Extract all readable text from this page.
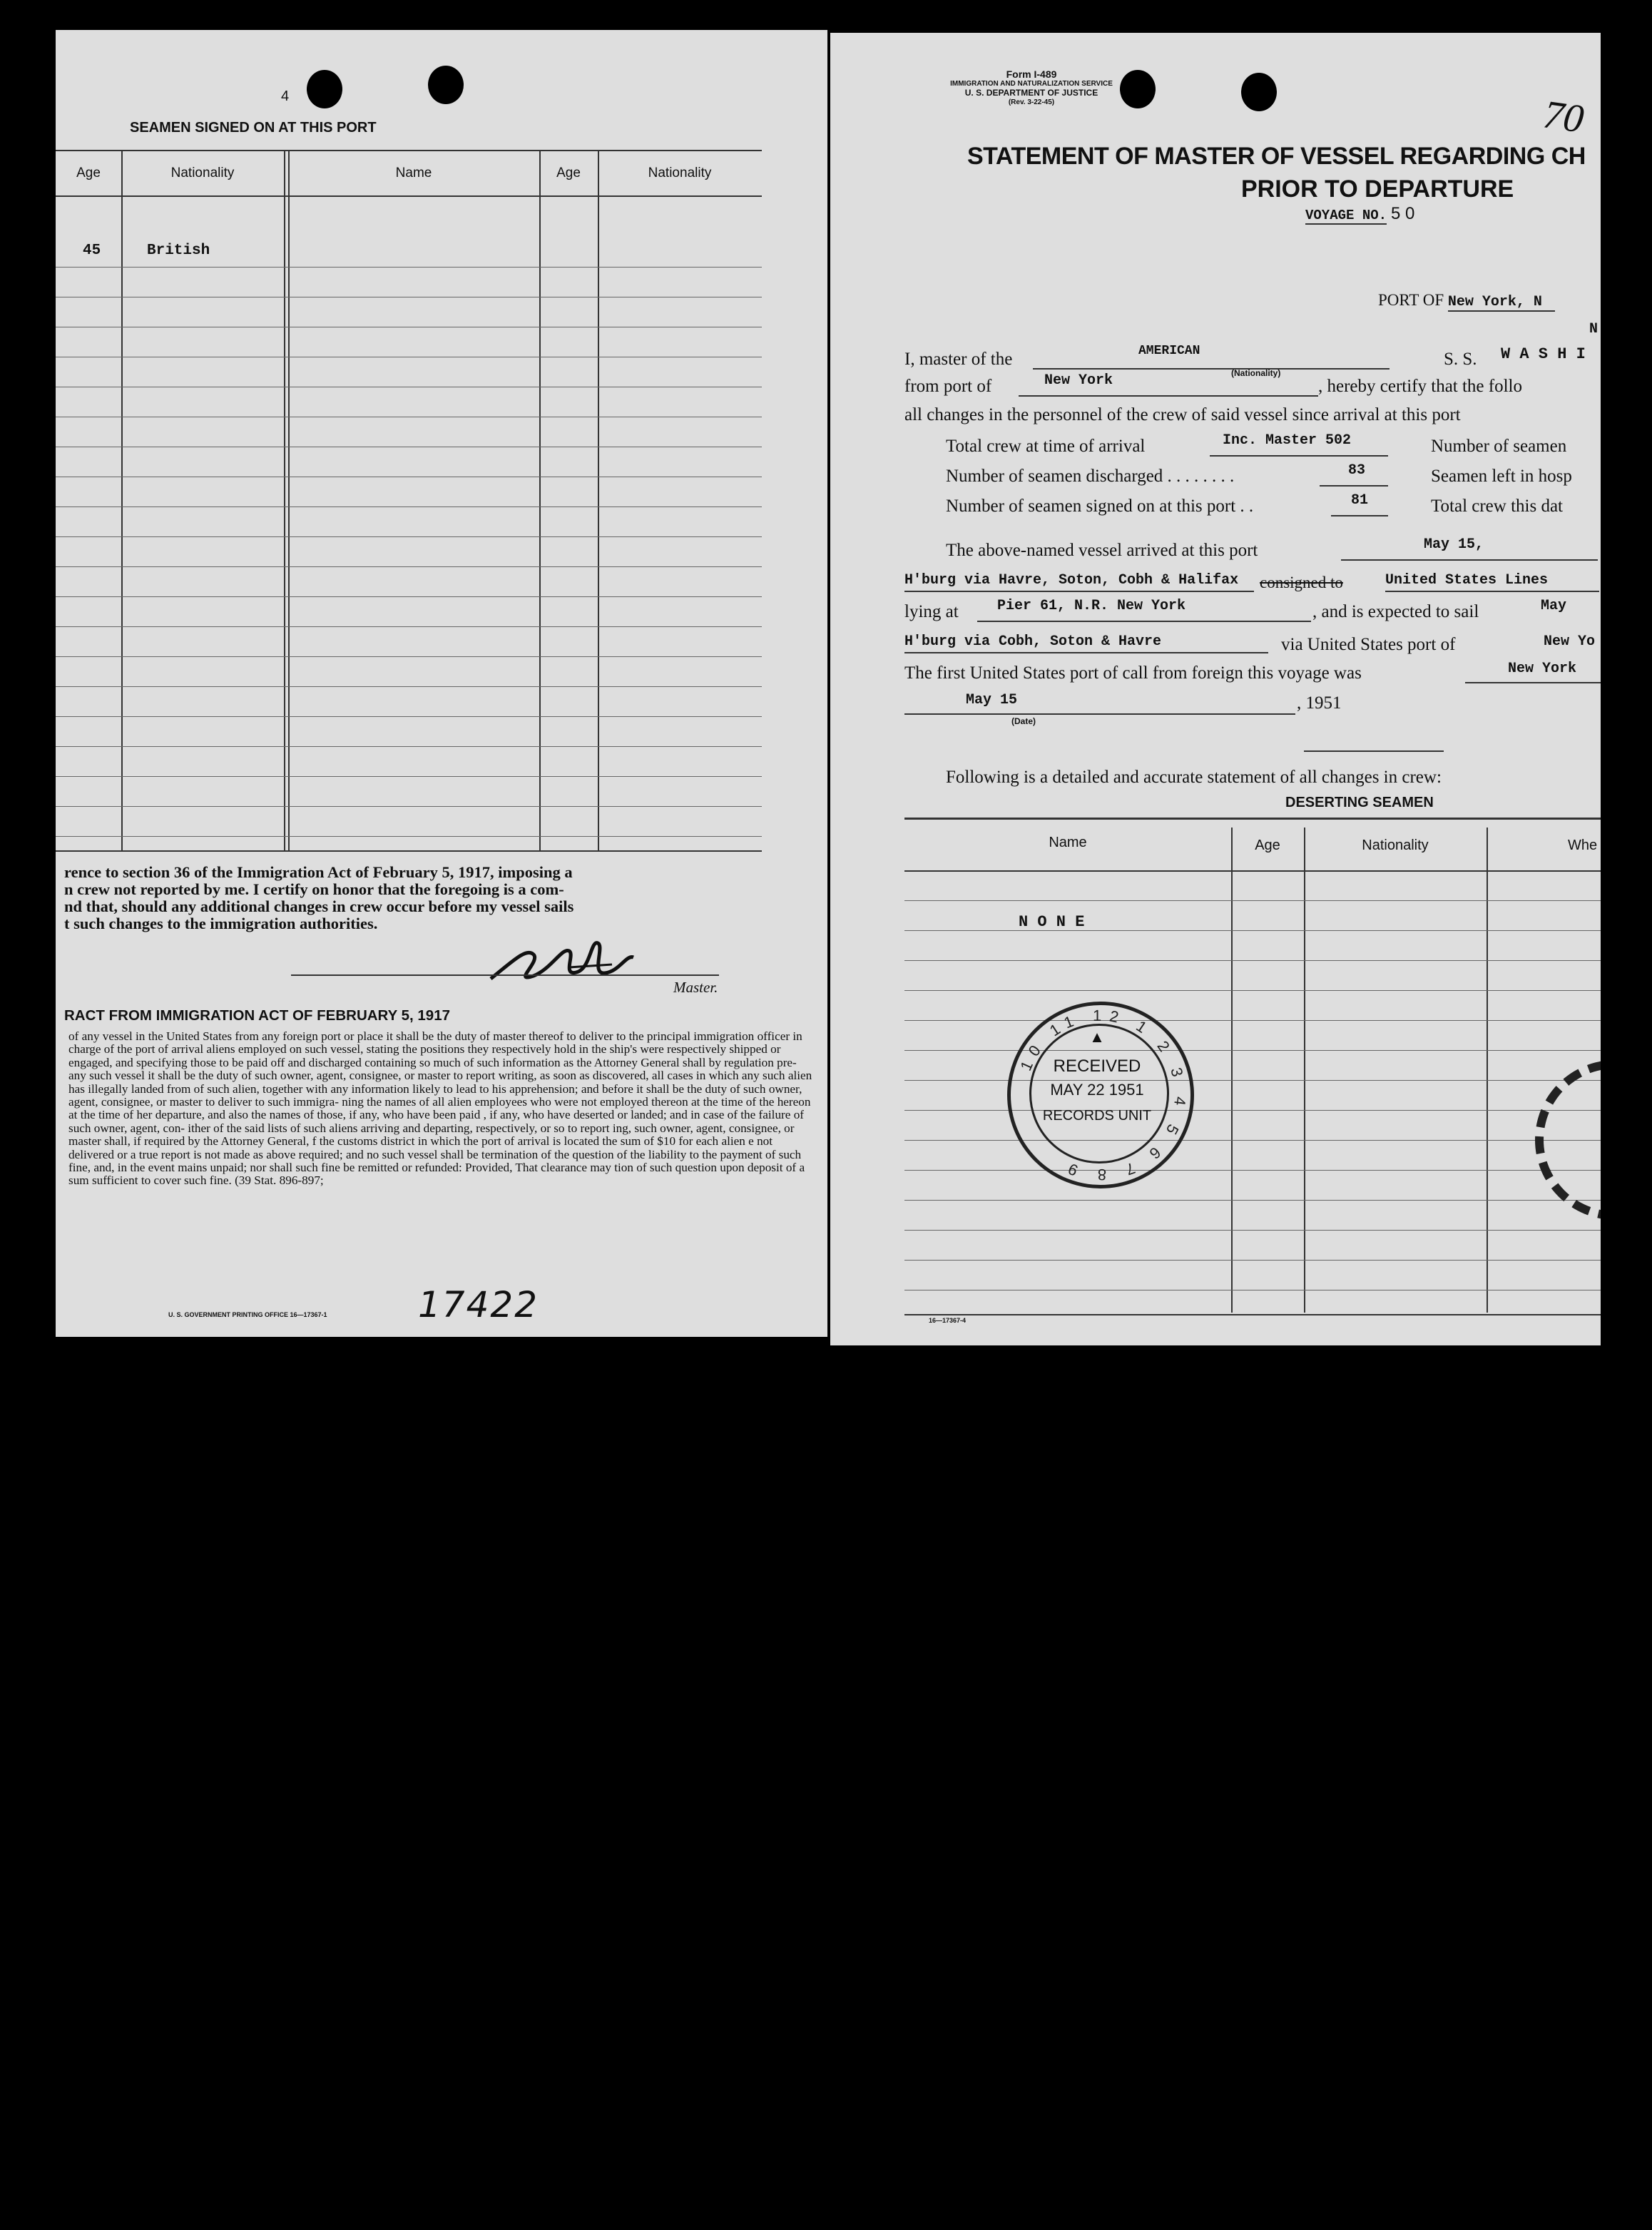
4
SEAMEN SIGNED ON AT THIS PORT
Age	Nationality	Name	Age	Nationality
45	British
rence to section 36 of the Immigration Act of February 5, 1917, imposing a
n crew not reported by me. I certify on honor that the foregoing is a com-
nd that, should any additional changes in crew occur before my vessel sails
t such changes to the immigration authorities.
Master.
RACT FROM IMMIGRATION ACT OF FEBRUARY 5, 1917
of any vessel in the United States from any foreign port or place it shall be the duty of master thereof to deliver to the principal immigration officer in charge of the port of arrival aliens employed on such vessel, stating the positions they respectively hold in the ship's were respectively shipped or engaged, and specifying those to be paid off and discharged containing so much of such information as the Attorney General shall by regulation pre- any such vessel it shall be the duty of such owner, agent, consignee, or master to report writing, as soon as discovered, all cases in which any such alien has illegally landed from of such alien, together with any information likely to lead to his apprehension; and before it shall be the duty of such owner, agent, consignee, or master to deliver to such immigra- ning the names of all alien employees who were not employed thereon at the time of the hereon at the time of her departure, and also the names of those, if any, who have been paid , if any, who have deserted or landed; and in case of the failure of such owner, agent, con- ither of the said lists of such aliens arriving and departing, respectively, or so to report ing, such owner, agent, consignee, or master shall, if required by the Attorney General, f the customs district in which the port of arrival is located the sum of $10 for each alien e not delivered or a true report is not made as above required; and no such vessel shall be termination of the question of the liability to the payment of such fine, and, in the event mains unpaid; nor shall such fine be remitted or refunded: Provided, That clearance may tion of such question upon deposit of a sum sufficient to cover such fine. (39 Stat. 896-897;
U. S. GOVERNMENT PRINTING OFFICE 16—17367-1	17422
Form I-489
IMMIGRATION AND NATURALIZATION SERVICE
U. S. DEPARTMENT OF JUSTICE
(Rev. 3-22-45)	70
STATEMENT OF MASTER OF VESSEL REGARDING CH
PRIOR TO DEPARTURE
VOYAGE NO. 5 0
PORT OF New York, N
N
I, master of the	AMERICAN
(Nationality)
S. S. W A S H I
from port of	New York	, hereby certify that the follo
all changes in the personnel of the crew of said vessel since arrival at this port
Total crew at time of arrival	Inc. Master 502	Number of seamen
Number of seamen discharged . . . . . . . .	83	Seamen left in hosp
Number of seamen signed on at this port . .	81	Total crew this dat
The above-named vessel arrived at this port	May 15,
H'burg via Havre, Soton, Cobh & Halifax consigned to	United States Lines
lying at	Pier 61, N.R. New York	, and is expected to sail	May
H'burg via Cobh, Soton & Havre	via United States port of	New Yo
The first United States port of call from foreign this voyage was	New York
May 15	, 1951
(Date)
Following is a detailed and accurate statement of all changes in crew:
DESERTING SEAMEN
Name	Age	Nationality	Whe
N O N E
10 11 12 1 2 3 4 5 6 7 8 9
▲
RECEIVED
MAY 22 1951
RECORDS UNIT
16—17367-4
